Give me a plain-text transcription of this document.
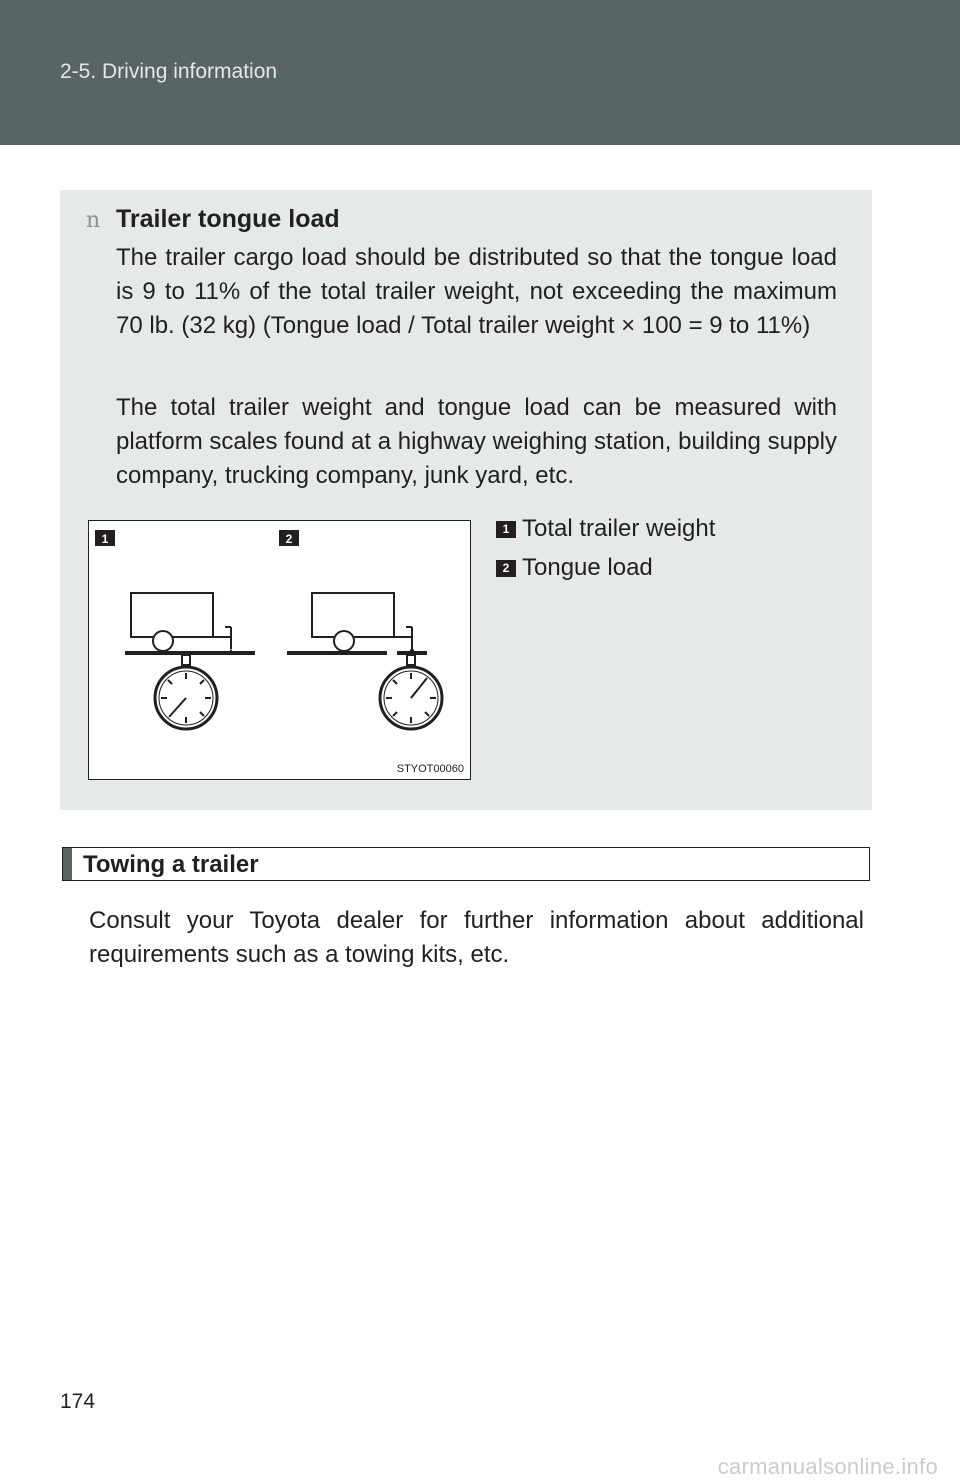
2-5. Driving information
n Trailer tongue load

The trailer cargo load should be distributed so that the tongue load is 9 to 11% of the total trailer weight, not exceeding the maximum 70 lb. (32 kg) (Tongue load / Total trailer weight × 100 = 9 to 11%)

The total trailer weight and tongue load can be measured with platform scales found at a highway weighing station, building supply company, trucking company, junk yard, etc.

1	2
STYOT00060
1 Total trailer weight
2 Tongue load
Towing a trailer

Consult your Toyota dealer for further information about additional requirements such as a towing kits, etc.

174
carmanualsonline.info
